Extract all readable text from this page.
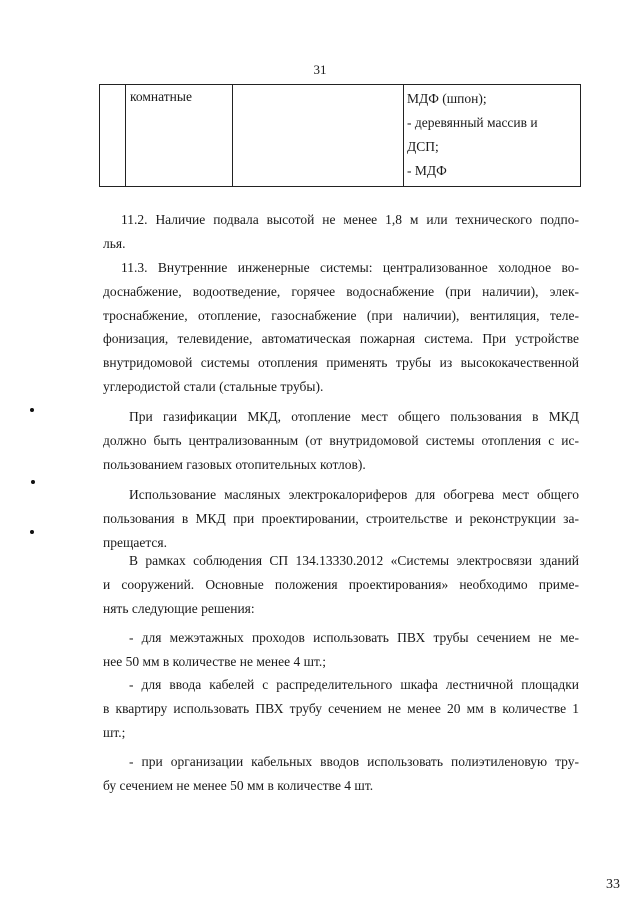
31
	комнатные		МДФ (шпон);
- деревянный массив и
ДСП;
- МДФ
11.2. Наличие подвала высотой не менее 1,8 м или технического подпо-
лья.
11.3. Внутренние инженерные системы: централизованное холодное во-
доснабжение, водоотведение, горячее водоснабжение (при наличии), элек-
троснабжение, отопление, газоснабжение (при наличии), вентиляция, теле-
фонизация, телевидение, автоматическая пожарная система. При устройстве
внутридомовой системы отопления применять трубы из высококачественной
углеродистой стали (стальные трубы).
При газификации МКД, отопление мест общего пользования в МКД
должно быть централизованным (от внутридомовой системы отопления с ис-
пользованием газовых отопительных котлов).
Использование масляных электрокалориферов для обогрева мест общего
пользования в МКД при проектировании, строительстве и реконструкции за-
прещается.
В рамках соблюдения СП 134.13330.2012 «Системы электросвязи зданий
и сооружений. Основные положения проектирования» необходимо приме-
нять следующие решения:
- для межэтажных проходов использовать ПВХ трубы сечением не ме-
нее 50 мм в количестве не менее 4 шт.;
- для ввода кабелей с распределительного шкафа лестничной площадки
в квартиру использовать ПВХ трубу сечением не менее 20 мм в количестве 1
шт.;
- при организации кабельных вводов использовать полиэтиленовую тру-
бу сечением не менее 50 мм в количестве 4 шт.
33
